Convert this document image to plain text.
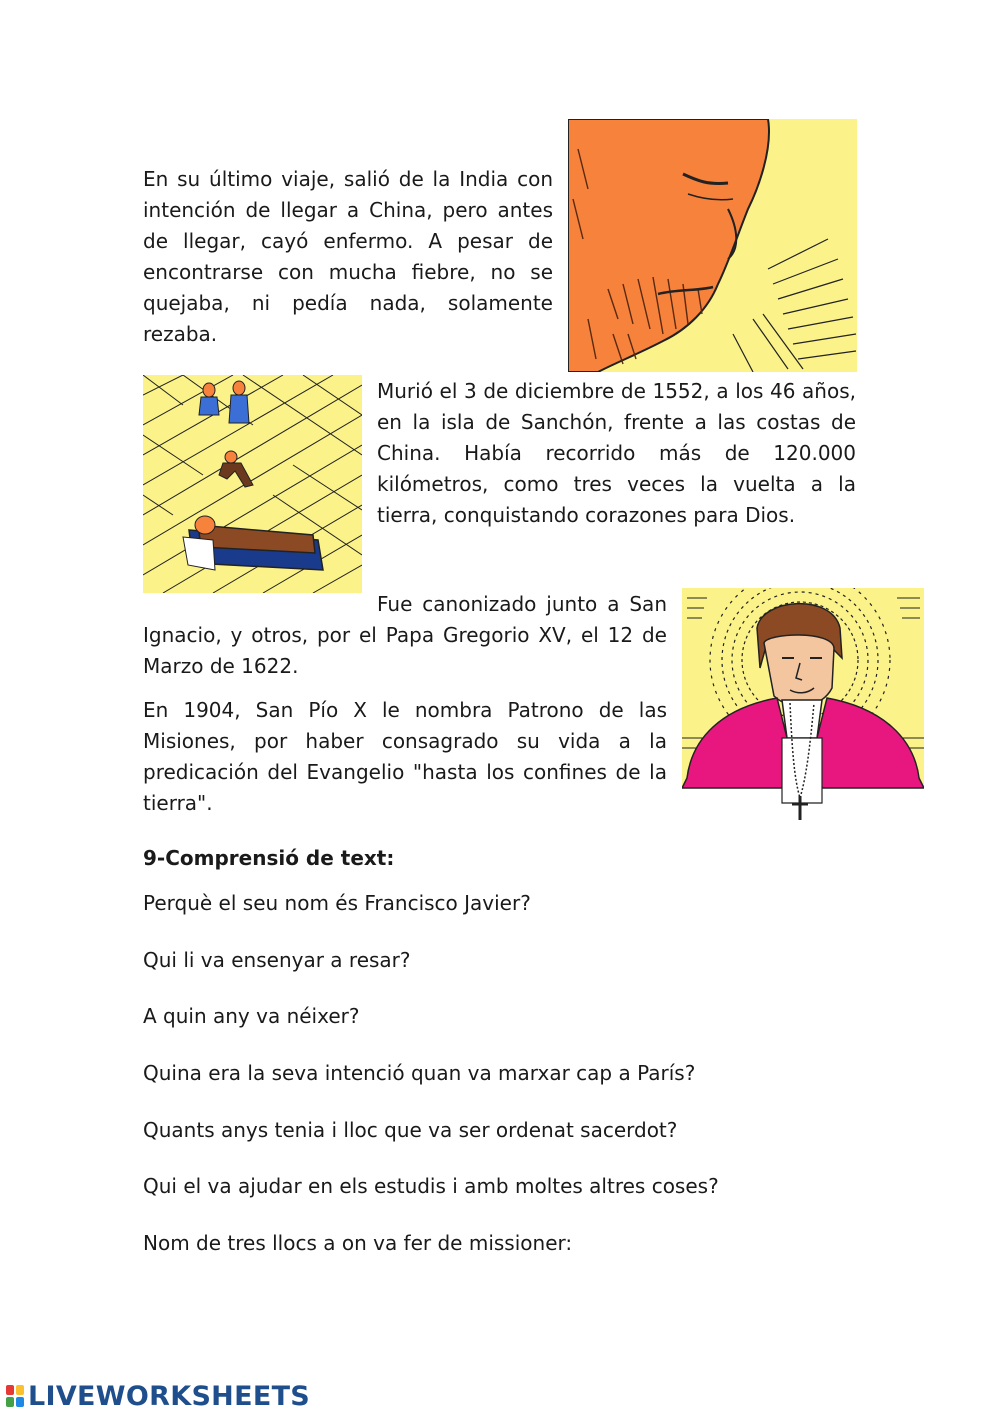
En su último viaje, salió de la India con intención de llegar a China, pero antes de llegar, cayó enfermo. A pesar de encontrarse con mucha fiebre, no se quejaba, ni pedía nada, solamente rezaba.

Murió el 3 de diciembre de 1552, a los 46 años, en la isla de Sanchón, frente a las costas de China. Había recorrido más de 120.000 kilómetros, como tres veces la vuelta a la tierra, conquistando corazones para Dios.

Fue canonizado junto a San

Ignacio, y otros, por el Papa Gregorio XV, el 12 de Marzo de 1622.

En 1904, San Pío X le nombra Patrono de las Misiones, por haber consagrado su vida a la predicación del Evangelio "hasta los confines de la tierra".

9-Comprensió de text:
Perquè el seu nom és Francisco Javier?
Qui li va ensenyar a resar?
A quin any va néixer?
Quina era la seva intenció quan va marxar cap a París?
Quants anys tenia i lloc que va ser ordenat sacerdot?
Qui el va ajudar en els estudis i amb moltes altres coses?
Nom de tres llocs a on va fer de missioner:
LIVEWORKSHEETS
